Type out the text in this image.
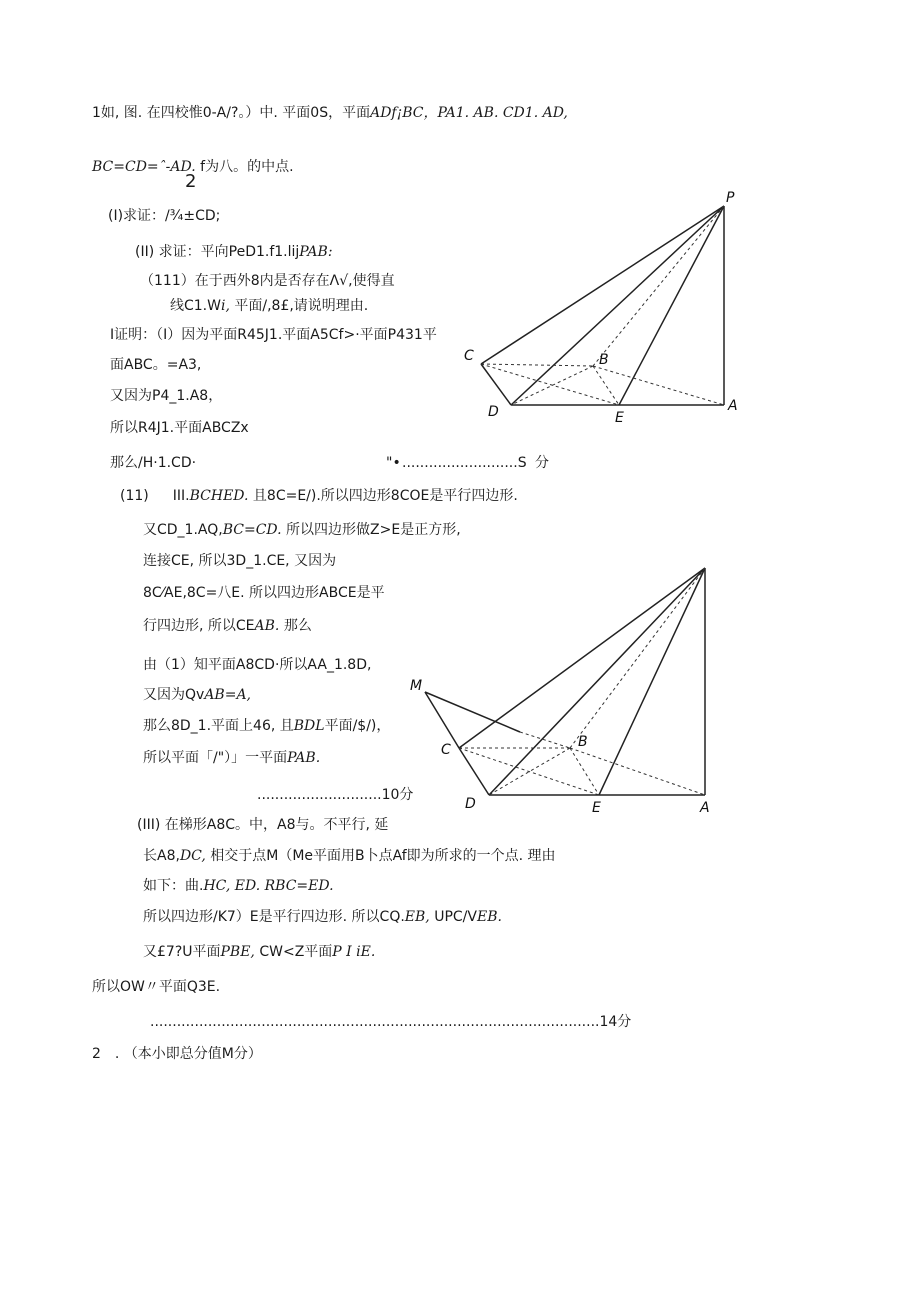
1如, 图. 在四校惟0-A/?。）中. 平面0S，平面ADf¡BC，PA1. AB. CD1. AD,
BC=CD=ˆ-AD. f为八。的中点.
2
(I)求证：/¾±CD;
(II) 求证：平向PeD1.f1.lijPAB:
（111）在于西外8内是否存在Λ√,使得直
线C1.Wi, 平面/,8£,请说明理由.
I证明：（I）因为平面R45J1.平面A5Cf>·平面P431平
面ABC。=A3,
又因为P4_1.A8，
所以R4J1.平面ABCZx
那么/H·1.CD·	"• ..........................S 分
(11) III.BCHED. 且8C=E/).所以四边形8COE是平行四边形.
又CD_1.AQ,BC=CD. 所以四边形做Z>E是正方形,
连接CE, 所以3D_1.CE, 又因为
8C⁄AE,8C=八E. 所以四边形ABCE是平
行四边形, 所以CEAB. 那么
由（1）知平面A8CD·所以AA_1.8D,
又因为QvAB=A,
那么8D_1.平面上46, 且BDL平面/$/)，
所以平面「/"）」一平面PAB.
............................10分
(III) 在梯形A8C。中，A8与。不平行, 延
长A8,DC, 相交于点M（Me平面用B卜点Af即为所求的一个点. 理由
如下：曲.HC, ED. RBC=ED.
所以四边形/K7）E是平行四边形. 所以CQ.EB, UPC/VEB.
又£7?U平面PBE, CW<Z平面P I iE.
所以OW〃平面Q3E.
.....................................................................................................14分
2　. （本小即总分值M分）
P
C	B
D	E
A
M
C	B
D	E	A
